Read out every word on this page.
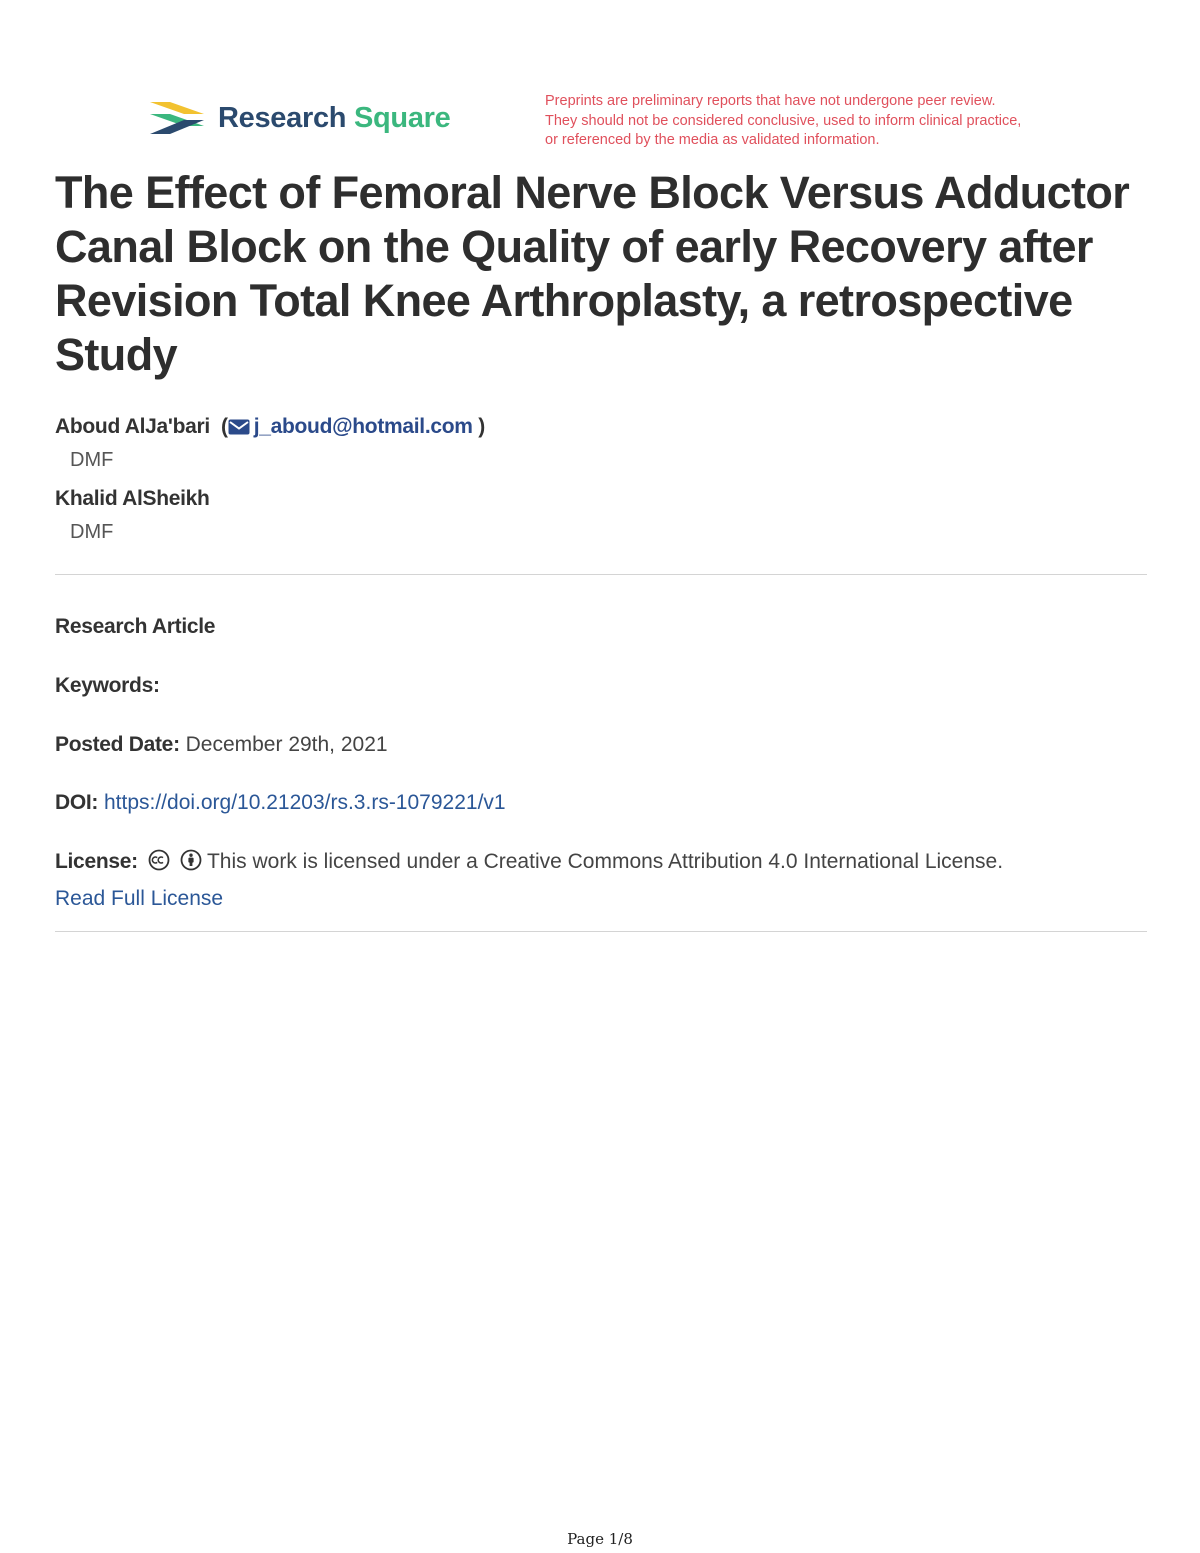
Research Square
Preprints are preliminary reports that have not undergone peer review.
They should not be considered conclusive, used to inform clinical practice,
or referenced by the media as validated information.
The Effect of Femoral Nerve Block Versus Adductor Canal Block on the Quality of early Recovery after Revision Total Knee Arthroplasty, a retrospective Study
Aboud AlJa'bari  ( j_aboud@hotmail.com )
DMF
Khalid AlSheikh
DMF
Research Article
Keywords:
Posted Date: December 29th, 2021
DOI: https://doi.org/10.21203/rs.3.rs-1079221/v1
License:	This work is licensed under a Creative Commons Attribution 4.0 International License.
Read Full License
Page 1/8
